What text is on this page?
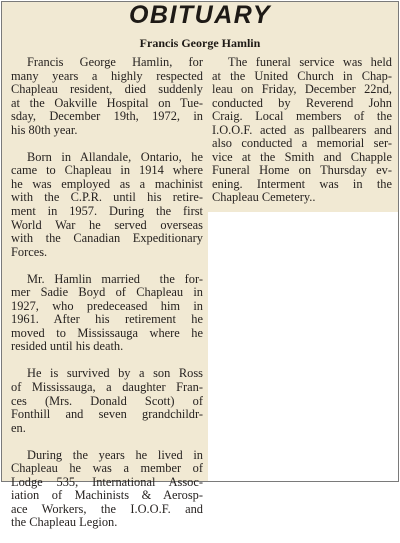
OBITUARY
Francis George Hamlin
Francis George Hamlin, for
many years a highly respected
Chapleau resident, died suddenly
at the Oakville Hospital on Tue-
sday, December 19th, 1972, in
his 80th year.
Born in Allandale, Ontario, he
came to Chapleau in 1914 where
he was employed as a machinist
with the C.P.R. until his retire-
ment in 1957. During the first
World War he served overseas
with the Canadian Expeditionary
Forces.
Mr. Hamlin married  the for-
mer Sadie Boyd of Chapleau in
1927, who predeceased him in
1961. After his retirement he
moved to Mississauga where he
resided until his death.
He is survived by a son Ross
of Mississauga, a daughter Fran-
ces (Mrs. Donald Scott) of
Fonthill and seven grandchildr-
en.
During the years he lived in
Chapleau he was a member of
Lodge 535, International Assoc-
iation of Machinists & Aerosp-
ace Workers, the I.O.O.F. and
the Chapleau Legion.
The funeral service was held
at the United Church in Chap-
leau on Friday, December 22nd,
conducted by Reverend John
Craig. Local members of the
I.O.O.F. acted as pallbearers and
also conducted a memorial ser-
vice at the Smith and Chapple
Funeral Home on Thursday ev-
ening. Interment was in the
Chapleau Cemetery..
